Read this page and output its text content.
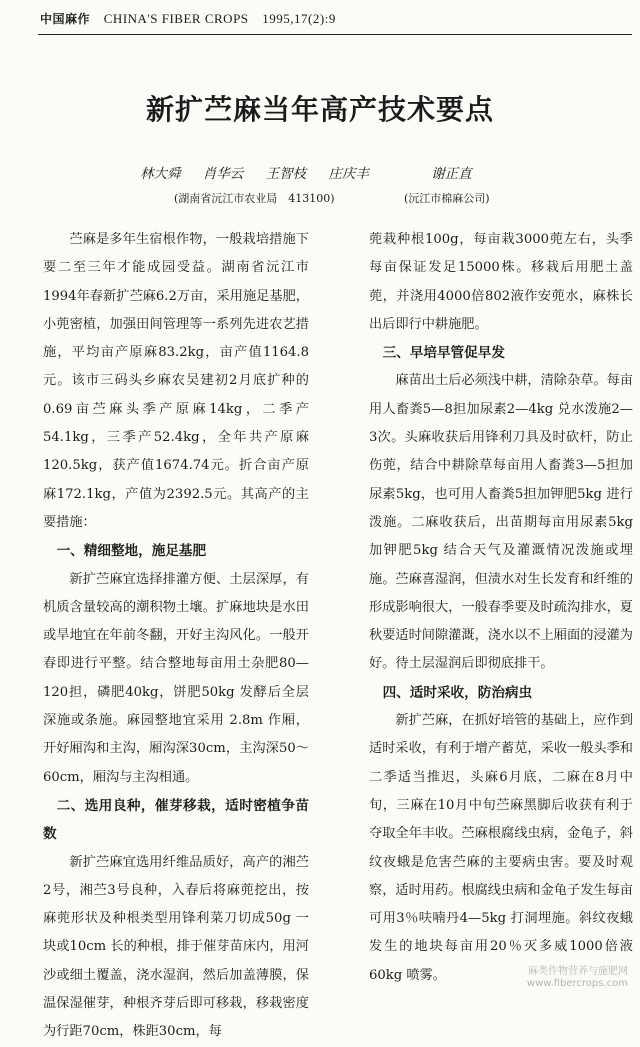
中国麻作 CHINA'S FIBER CROPS 1995,17(2):9
新扩苎麻当年高产技术要点
林大舜 肖华云 王智枝 庄庆丰	谢正直
(湖南省沅江市农业局　413100)	(沅江市棉麻公司)

苎麻是多年生宿根作物，一般栽培措施下要二至三年才能成园受益。湖南省沅江市1994年春新扩苎麻6.2万亩，采用施足基肥，小蔸密植，加强田间管理等一系列先进农艺措施，平均亩产原麻83.2kg，亩产值1164.8元。该市三码头乡麻农吴建初2月底扩种的0.69亩苎麻头季产原麻14kg，二季产54.1kg，三季产52.4kg，全年共产原麻120.5kg，获产值1674.74元。折合亩产原麻172.1kg，产值为2392.5元。其高产的主要措施：

一、精细整地，施足基肥

新扩苎麻宜选择排灌方便、土层深厚，有机质含量较高的潮积物土壤。扩麻地块是水田 或旱地宜在年前冬翻，开好主沟风化。一般开春即进行平整。结合整地每亩用土杂肥80—120担，磷肥40kg，饼肥50kg 发酵后全层深施或条施。麻园整地宜采用 2.8m 作厢，开好厢沟和主沟，厢沟深30cm，主沟深50～60cm，厢沟与主沟相通。

二、选用良种，催芽移栽，适时密植争苗数

新扩苎麻宜选用纤维品质好，高产的湘苎2号，湘苎3号良种，入春后将麻蔸挖出，按麻蔸形状及种根类型用锋利菜刀切成50g 一块或10cm 长的种根，排于催芽苗床内，用河沙或细土覆盖，浇水湿润，然后加盖薄膜，保温保湿催芽，种根齐芽后即可移栽，移栽密度为行距70cm，株距30cm，每

蔸栽种根100g，每亩栽3000蔸左右，头季每亩保证发足15000株。移栽后用肥土盖蔸，并浇用4000倍802液作安蔸水，麻株长出后即行中耕施肥。

三、早培早管促早发

麻苗出土后必须浅中耕，清除杂草。每亩用人畜粪5—8担加尿素2—4kg 兑水泼施2—3次。头麻收获后用锋利刀具及时砍杆，防止伤蔸，结合中耕除草每亩用人畜粪3—5担加尿素5kg，也可用人畜粪5担加钾肥5kg 进行泼施。二麻收获后，出苗期每亩用尿素5kg 加钾肥5kg 结合天气及灌溉情况泼施或埋施。苎麻喜湿润，但渍水对生长发育和纤维的形成影响很大，一般春季要及时疏沟排水，夏秋要适时间隙灌溉，浇水以不上厢面的浸灌为好。待土层湿润后即彻底排干。

四、适时采收，防治病虫

新扩苎麻，在抓好培管的基础上，应作到适时采收，有利于增产蓄苋，采收一般头季和二季适当推迟，头麻6月底，二麻在8月中旬，三麻在10月中旬苎麻黑脚后收获有利于夺取全年丰收。苎麻根腐线虫病，金龟子，斜纹夜蛾是危害苎麻的主要病虫害。要及时观察，适时用药。根腐线虫病和金龟子发生每亩可用3％呋喃丹4—5kg 打洞埋施。斜纹夜蛾发生的地块每亩用20％灭多威1000倍液60kg 喷雾。	麻类作物营养与施肥网
www.fibercrops.com
